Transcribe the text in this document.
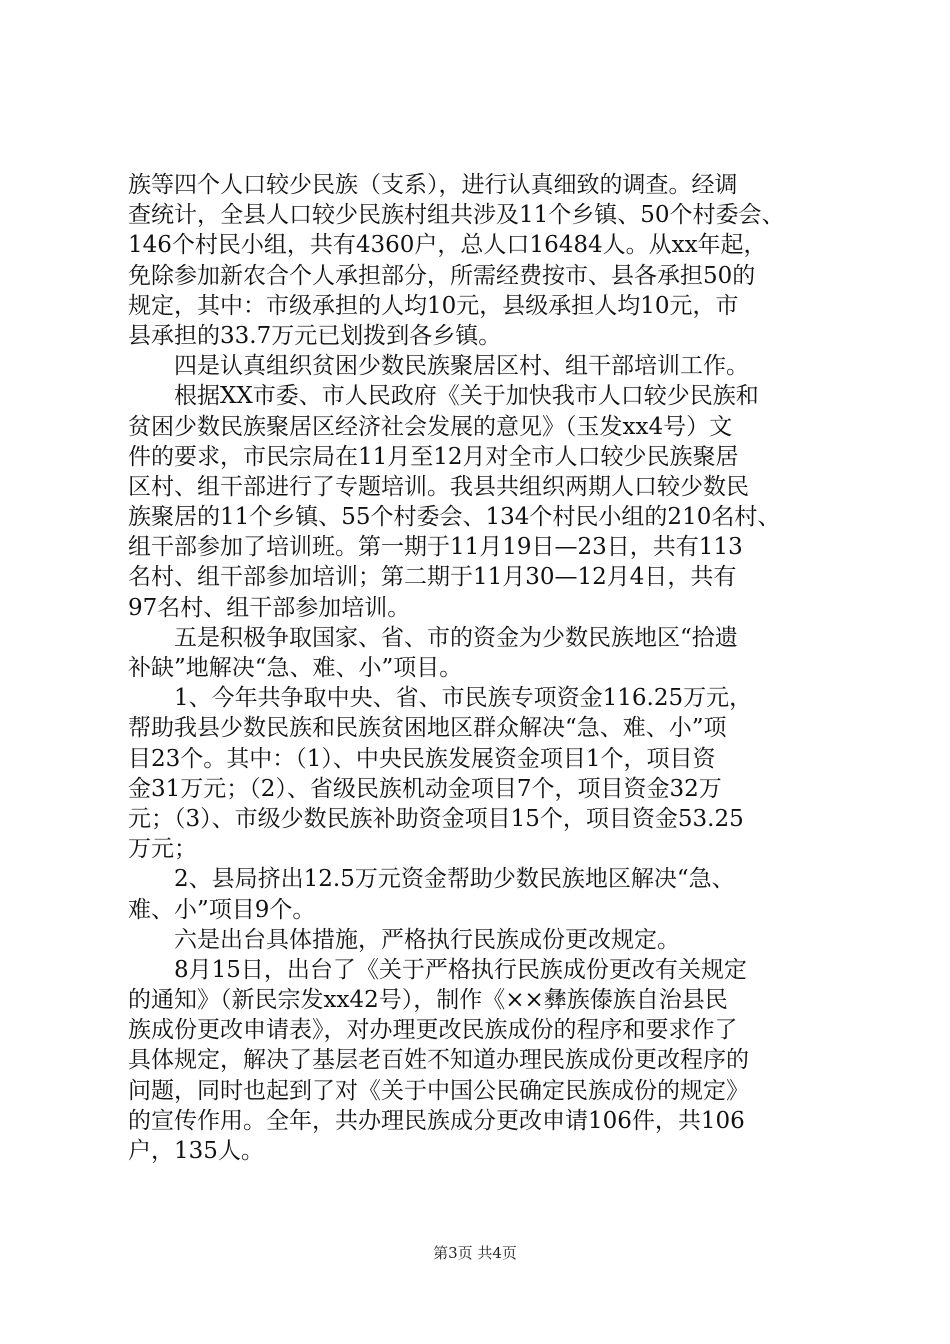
族等四个人口较少民族（支系），进行认真细致的调查。经调
查统计，全县人口较少民族村组共涉及11个乡镇、50个村委会、
146个村民小组，共有4360户，总人口16484人。从xx年起，
免除参加新农合个人承担部分，所需经费按市、县各承担50的
规定，其中：市级承担的人均10元，县级承担人均10元，市
县承担的33.7万元已划拨到各乡镇。
　　四是认真组织贫困少数民族聚居区村、组干部培训工作。
　　根据XX市委、市人民政府《关于加快我市人口较少民族和
贫困少数民族聚居区经济社会发展的意见》（玉发xx4号）文
件的要求，市民宗局在11月至12月对全市人口较少民族聚居
区村、组干部进行了专题培训。我县共组织两期人口较少数民
族聚居的11个乡镇、55个村委会、134个村民小组的210名村、
组干部参加了培训班。第一期于11月19日—23日，共有113
名村、组干部参加培训；第二期于11月30—12月4日，共有
97名村、组干部参加培训。
　　五是积极争取国家、省、市的资金为少数民族地区“拾遗
补缺”地解决“急、难、小”项目。
　　1、今年共争取中央、省、市民族专项资金116.25万元，
帮助我县少数民族和民族贫困地区群众解决“急、难、小”项
目23个。其中：（1）、中央民族发展资金项目1个，项目资
金31万元；（2）、省级民族机动金项目7个，项目资金32万
元；（3）、市级少数民族补助资金项目15个，项目资金53.25
万元；
　　2、县局挤出12.5万元资金帮助少数民族地区解决“急、
难、小”项目9个。
　　六是出台具体措施，严格执行民族成份更改规定。
　　8月15日，出台了《关于严格执行民族成份更改有关规定
的通知》（新民宗发xx42号），制作《××彝族傣族自治县民
族成份更改申请表》，对办理更改民族成份的程序和要求作了
具体规定，解决了基层老百姓不知道办理民族成份更改程序的
问题，同时也起到了对《关于中国公民确定民族成份的规定》
的宣传作用。全年，共办理民族成分更改申请106件，共106
户，135人。
第3页 共4页
